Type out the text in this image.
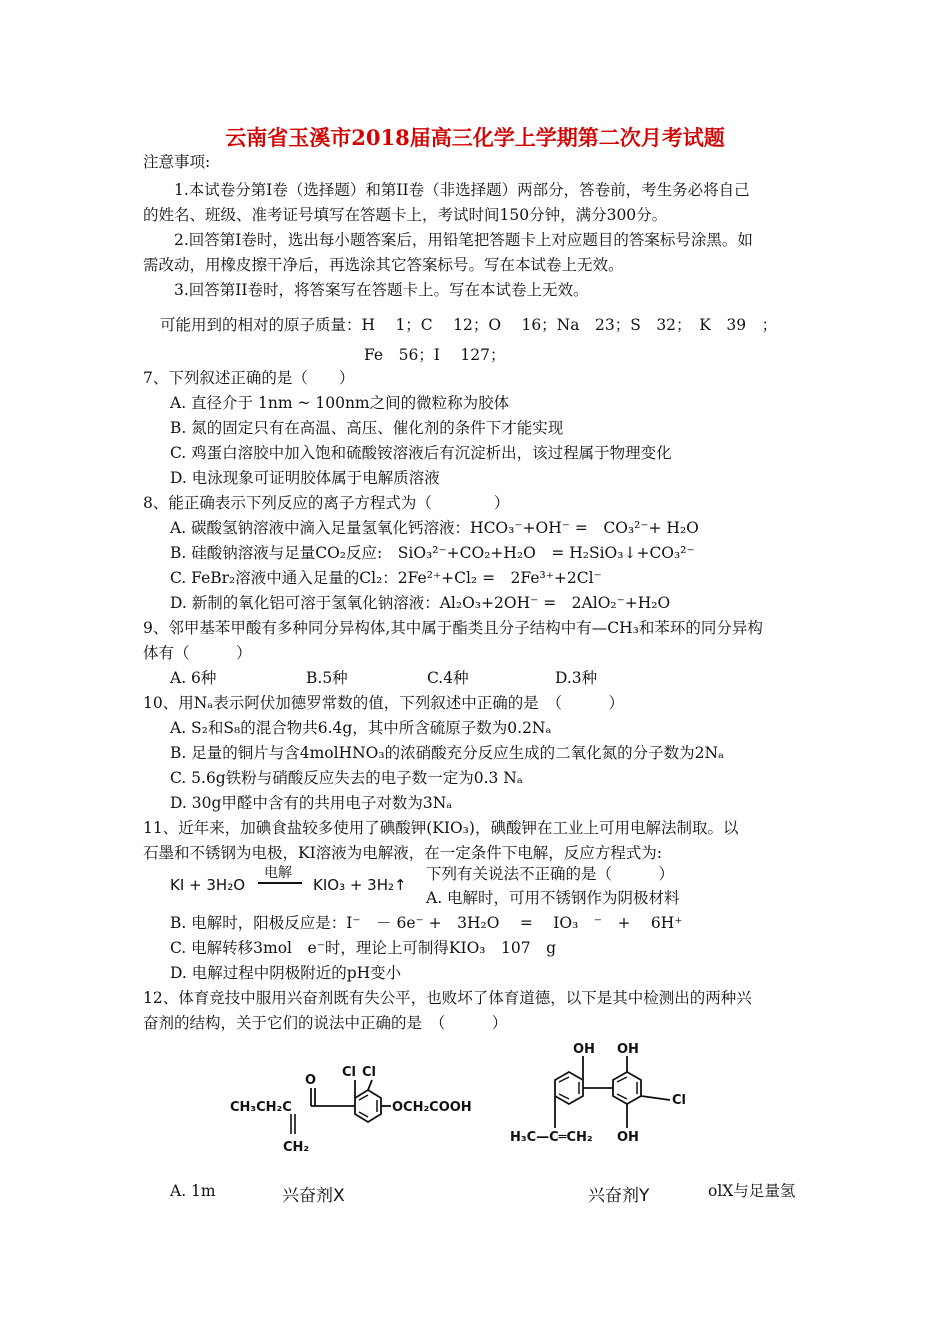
云南省玉溪市2018届高三化学上学期第二次月考试题
注意事项:
1.本试卷分第I卷（选择题）和第II卷（非选择题）两部分，答卷前，考生务必将自己
的姓名、班级、准考证号填写在答题卡上，考试时间150分钟，满分300分。
2.回答第I卷时，选出每小题答案后，用铅笔把答题卡上对应题目的答案标号涂黑。如
需改动，用橡皮擦干净后，再选涂其它答案标号。写在本试卷上无效。
3.回答第II卷时，将答案写在答题卡上。写在本试卷上无效。
可能用到的相对的原子质量：H　 1；C　 12；O　 16；Na　23；S　32；　K　39　；
Fe　56；I　 127；
7、下列叙述正确的是（　　）
A. 直径介于 1nm ~ 100nm之间的微粒称为胶体
B. 氮的固定只有在高温、高压、催化剂的条件下才能实现
C. 鸡蛋白溶胶中加入饱和硫酸铵溶液后有沉淀析出，该过程属于物理变化
D. 电泳现象可证明胶体属于电解质溶液
8、能正确表示下列反应的离子方程式为（　　　　）
A. 碳酸氢钠溶液中滴入足量氢氧化钙溶液：HCO₃⁻+OH⁻ =　CO₃²⁻+ H₂O
B. 硅酸钠溶液与足量CO₂反应:　SiO₃²⁻+CO₂+H₂O　= H₂SiO₃↓+CO₃²⁻
C. FeBr₂溶液中通入足量的Cl₂：2Fe²⁺+Cl₂ =　2Fe³⁺+2Cl⁻
D. 新制的氧化铝可溶于氢氧化钠溶液：Al₂O₃+2OH⁻ =　2AlO₂⁻+H₂O
9、邻甲基苯甲酸有多种同分异构体,其中属于酯类且分子结构中有—CH₃和苯环的同分异构
体有（　　　）
A. 6种	B.5种	C.4种	D.3种
10、用Nₐ表示阿伏加德罗常数的值，下列叙述中正确的是　（　　　）
A. S₂和S₈的混合物共6.4g，其中所含硫原子数为0.2Nₐ
B. 足量的铜片与含4molHNO₃的浓硝酸充分反应生成的二氧化氮的分子数为2Nₐ
C. 5.6g铁粉与硝酸反应失去的电子数一定为0.3 Nₐ
D. 30g甲醛中含有的共用电子对数为3Nₐ
11、近年来，加碘食盐较多使用了碘酸钾(KIO₃)，碘酸钾在工业上可用电解法制取。以
石墨和不锈钢为电极，KI溶液为电解液，在一定条件下电解，反应方程式为:
KI + 3H₂O
电解
KIO₃ + 3H₂↑
下列有关说法不正确的是（　　　）
A. 电解时，可用不锈钢作为阴极材料
B. 电解时，阳极反应是：I⁻　－ 6e⁻ +　3H₂O　 =　 IO₃　⁻　+　 6H⁺
C. 电解转移3mol　e⁻时，理论上可制得KIO₃　107　g
D. 电解过程中阴极附近的pH变小
12、体育竞技中服用兴奋剂既有失公平，也败坏了体育道德，以下是其中检测出的两种兴
奋剂的结构，关于它们的说法中正确的是　（　　　）
O
Cl Cl
CH₃CH₂C
CH₂
OCH₂COOH
OH OH
OH
Cl
H₃C—C═CH₂
A. 1m	兴奋剂X	兴奋剂Y	olX与足量氢
